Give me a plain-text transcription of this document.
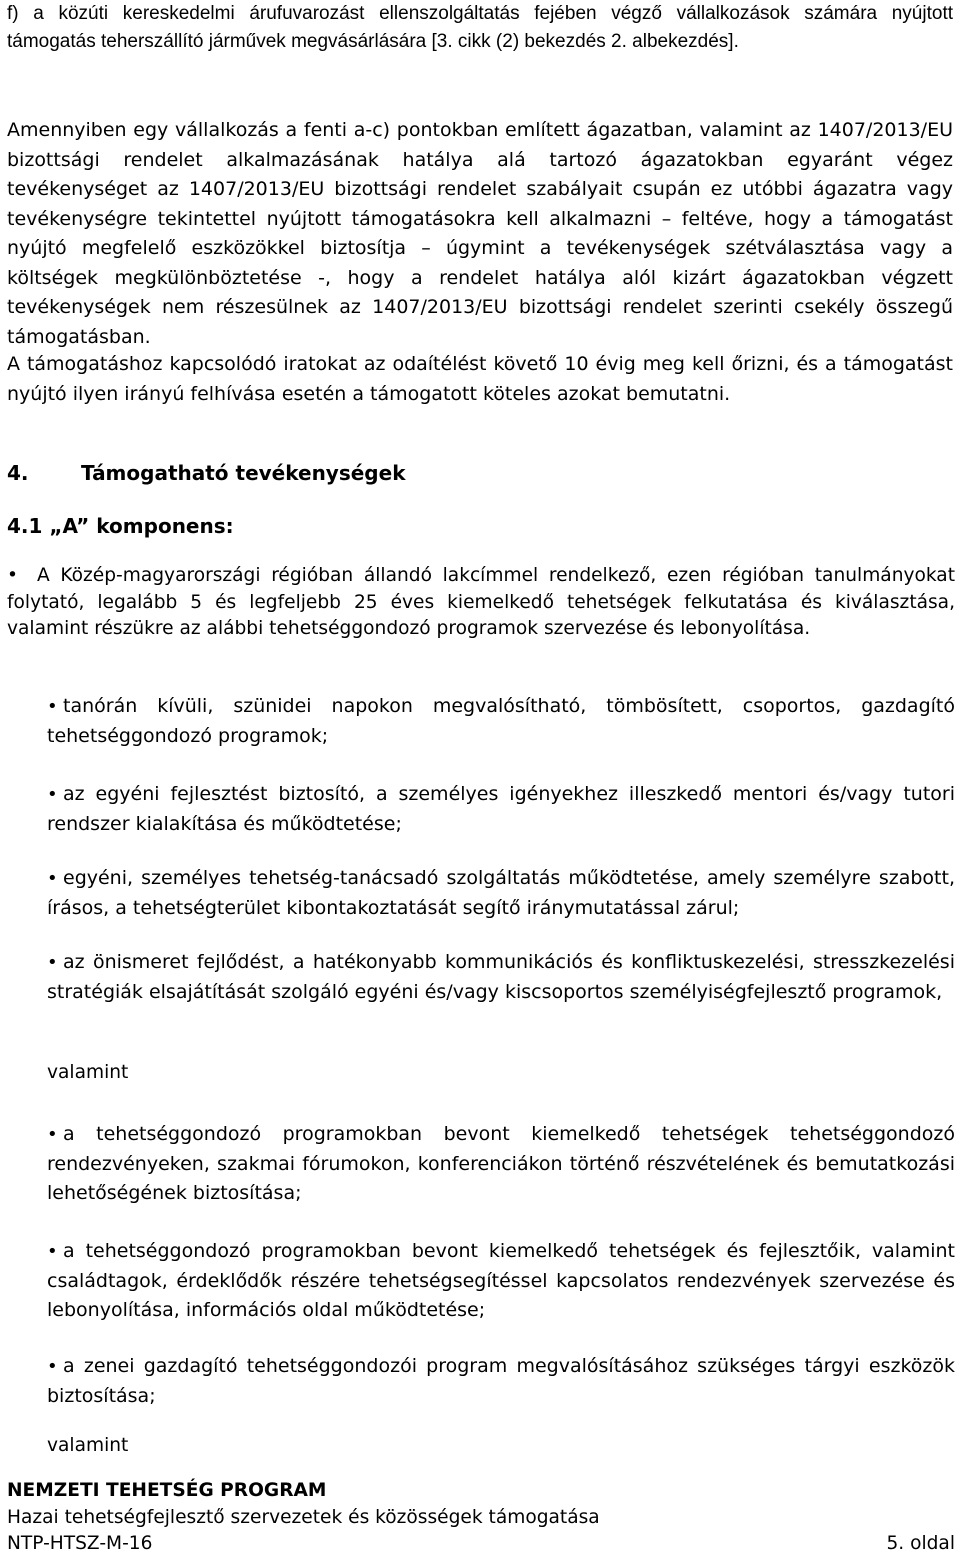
f) a közúti kereskedelmi árufuvarozást ellenszolgáltatás fejében végző vállalkozások számára nyújtott támogatás teherszállító járművek megvásárlására [3. cikk (2) bekezdés 2. albekezdés].

Amennyiben egy vállalkozás a fenti a-c) pontokban említett ágazatban, valamint az 1407/2013/EU bizottsági rendelet alkalmazásának hatálya alá tartozó ágazatokban egyaránt végez tevékenységet az 1407/2013/EU bizottsági rendelet szabályait csupán ez utóbbi ágazatra vagy tevékenységre tekintettel nyújtott támogatásokra kell alkalmazni – feltéve, hogy a támogatást nyújtó megfelelő eszközökkel biztosítja – úgymint a tevékenységek szétválasztása vagy a költségek megkülönböztetése -, hogy a rendelet hatálya alól kizárt ágazatokban végzett tevékenységek nem részesülnek az 1407/2013/EU bizottsági rendelet szerinti csekély összegű támogatásban.

A támogatáshoz kapcsolódó iratokat az odaítélést követő 10 évig meg kell őrizni, és a támogatást nyújtó ilyen irányú felhívása esetén a támogatott köteles azokat bemutatni.

4.	Támogatható tevékenységek
4.1 „A” komponens:
•	A Közép-magyarországi régióban állandó lakcímmel rendelkező, ezen régióban tanulmányokat folytató, legalább 5 és legfeljebb 25 éves kiemelkedő tehetségek felkutatása és kiválasztása, valamint részükre az alábbi tehetséggondozó programok szervezése és lebonyolítása.
• tanórán kívüli, szünidei napokon megvalósítható, tömbösített, csoportos, gazdagító tehetséggondozó programok;
• az egyéni fejlesztést biztosító, a személyes igényekhez illeszkedő mentori és/vagy tutori rendszer kialakítása és működtetése;
• egyéni, személyes tehetség-tanácsadó szolgáltatás működtetése, amely személyre szabott, írásos, a tehetségterület kibontakoztatását segítő iránymutatással zárul;
• az önismeret fejlődést, a hatékonyabb kommunikációs és konfliktuskezelési, stresszkezelési stratégiák elsajátítását szolgáló egyéni és/vagy kiscsoportos személyiségfejlesztő programok,
valamint
• a tehetséggondozó programokban bevont kiemelkedő tehetségek tehetséggondozó rendezvényeken, szakmai fórumokon, konferenciákon történő részvételének és bemutatkozási lehetőségének biztosítása;
• a tehetséggondozó programokban bevont kiemelkedő tehetségek és fejlesztőik, valamint családtagok, érdeklődők részére tehetségsegítéssel kapcsolatos rendezvények szervezése és lebonyolítása, információs oldal működtetése;
• a zenei gazdagító tehetséggondozói program megvalósításához szükséges tárgyi eszközök biztosítása;
valamint
NEMZETI TEHETSÉG PROGRAM
Hazai tehetségfejlesztő szervezetek és közösségek támogatása
NTP-HTSZ-M-16	5. oldal
